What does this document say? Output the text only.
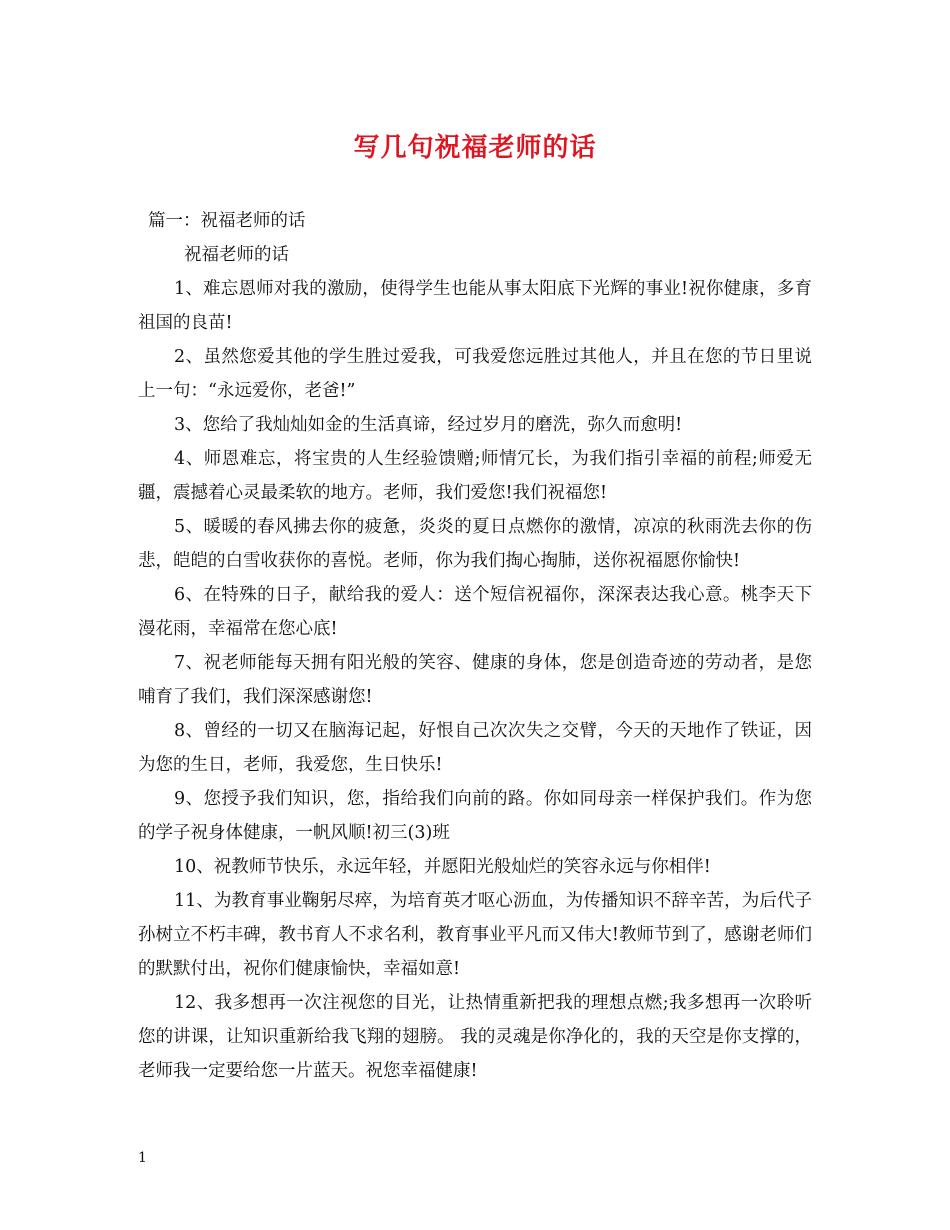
写几句祝福老师的话

篇一：祝福老师的话

祝福老师的话

1、难忘恩师对我的激励，使得学生也能从事太阳底下光辉的事业!祝你健康，多育祖国的良苗!

2、虽然您爱其他的学生胜过爱我，可我爱您远胜过其他人，并且在您的节日里说上一句：“永远爱你，老爸!”

3、您给了我灿灿如金的生活真谛，经过岁月的磨洗，弥久而愈明!

4、师恩难忘，将宝贵的人生经验馈赠;师情冗长，为我们指引幸福的前程;师爱无疆，震撼着心灵最柔软的地方。老师，我们爱您!我们祝福您!

5、暖暖的春风拂去你的疲惫，炎炎的夏日点燃你的激情，凉凉的秋雨洗去你的伤悲，皑皑的白雪收获你的喜悦。老师，你为我们掏心掏肺，送你祝福愿你愉快!

6、在特殊的日子，献给我的爱人：送个短信祝福你，深深表达我心意。桃李天下漫花雨，幸福常在您心底!

7、祝老师能每天拥有阳光般的笑容、健康的身体，您是创造奇迹的劳动者，是您哺育了我们，我们深深感谢您!

8、曾经的一切又在脑海记起，好恨自己次次失之交臂，今天的天地作了铁证，因为您的生日，老师，我爱您，生日快乐!

9、您授予我们知识，您，指给我们向前的路。你如同母亲一样保护我们。作为您的学子祝身体健康，一帆风顺!初三(3)班

10、祝教师节快乐，永远年轻，并愿阳光般灿烂的笑容永远与你相伴!

11、为教育事业鞠躬尽瘁，为培育英才呕心沥血，为传播知识不辞辛苦，为后代子孙树立不朽丰碑，教书育人不求名利，教育事业平凡而又伟大!教师节到了，感谢老师们的默默付出，祝你们健康愉快，幸福如意!

12、我多想再一次注视您的目光，让热情重新把我的理想点燃;我多想再一次聆听您的讲课，让知识重新给我飞翔的翅膀。 我的灵魂是你净化的，我的天空是你支撑的，老师我一定要给您一片蓝天。祝您幸福健康!

1
